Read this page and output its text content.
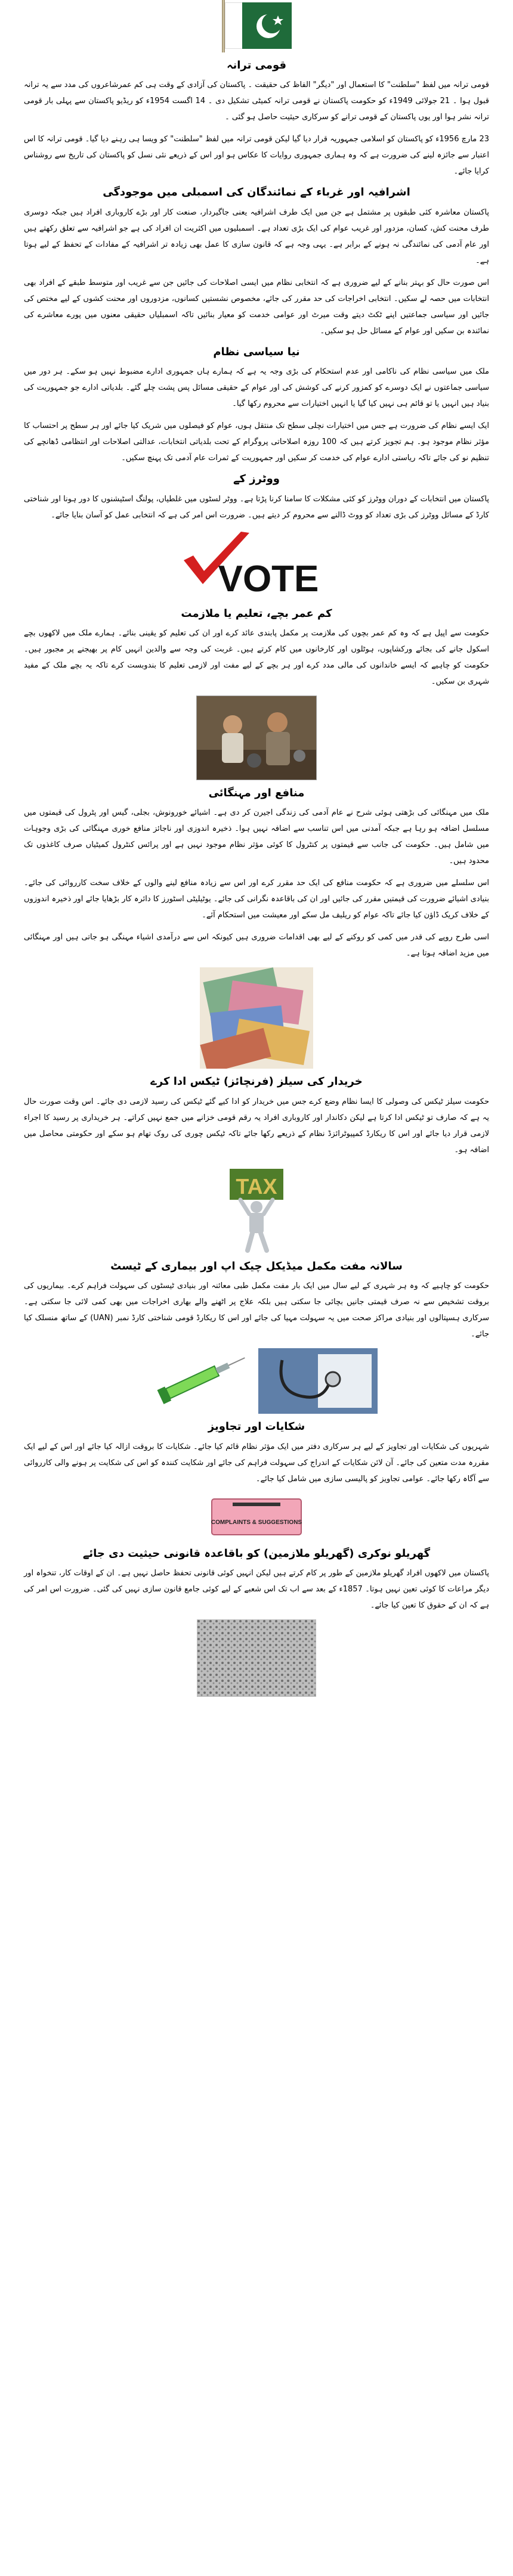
قومی ترانہ

قومی ترانہ میں لفظ "سلطنت" کا استعمال اور "دیگر" الفاظ کی حقیقت ۔ پاکستان کی آزادی کے وقت ہی کم عمرشاعروں کی مدد سے یہ ترانہ قبول ہوا ۔ 21 جولائی 1949ء کو حکومت پاکستان نے قومی ترانہ کمیٹی تشکیل دی ۔ 14 اگست 1954ء کو ریڈیو پاکستان سے پہلی بار قومی ترانہ نشر ہوا اور یوں پاکستان کے قومی ترانے کو سرکاری حیثیت حاصل ہو گئی ۔

23 مارچ 1956ء کو پاکستان کو اسلامی جمہوریہ قرار دیا گیا لیکن قومی ترانہ میں لفظ "سلطنت" کو ویسا ہی رہنے دیا گیا۔ قومی ترانہ کا اس اعتبار سے جائزہ لینے کی ضرورت ہے کہ وہ ہماری جمہوری روایات کا عکاس ہو اور اس کے ذریعے نئی نسل کو پاکستان کی تاریخ سے روشناس کرایا جائے۔

اشرافیہ اور غرباء کے نمائندگان کی اسمبلی میں موجودگی

پاکستان معاشرہ کئی طبقوں پر مشتمل ہے جن میں ایک طرف اشرافیہ یعنی جاگیردار، صنعت کار اور بڑے کاروباری افراد ہیں جبکہ دوسری طرف محنت کش، کسان، مزدور اور غریب عوام کی ایک بڑی تعداد ہے۔ اسمبلیوں میں اکثریت ان افراد کی ہے جو اشرافیہ سے تعلق رکھتے ہیں اور عام آدمی کی نمائندگی نہ ہونے کے برابر ہے۔ یہی وجہ ہے کہ قانون سازی کا عمل بھی زیادہ تر اشرافیہ کے مفادات کے تحفظ کے لیے ہوتا ہے۔

اس صورت حال کو بہتر بنانے کے لیے ضروری ہے کہ انتخابی نظام میں ایسی اصلاحات کی جائیں جن سے غریب اور متوسط طبقے کے افراد بھی انتخابات میں حصہ لے سکیں۔ انتخابی اخراجات کی حد مقرر کی جائے، مخصوص نشستیں کسانوں، مزدوروں اور محنت کشوں کے لیے مختص کی جائیں اور سیاسی جماعتیں اپنے ٹکٹ دیتے وقت میرٹ اور عوامی خدمت کو معیار بنائیں تاکہ اسمبلیاں حقیقی معنوں میں پورے معاشرے کی نمائندہ بن سکیں اور عوام کے مسائل حل ہو سکیں۔

نیا سیاسی نظام

ملک میں سیاسی نظام کی ناکامی اور عدم استحکام کی بڑی وجہ یہ ہے کہ ہمارے ہاں جمہوری ادارے مضبوط نہیں ہو سکے۔ ہر دور میں سیاسی جماعتوں نے ایک دوسرے کو کمزور کرنے کی کوشش کی اور عوام کے حقیقی مسائل پس پشت چلے گئے۔ بلدیاتی ادارے جو جمہوریت کی بنیاد ہیں انہیں یا تو قائم ہی نہیں کیا گیا یا انہیں اختیارات سے محروم رکھا گیا۔

ایک ایسے نظام کی ضرورت ہے جس میں اختیارات نچلی سطح تک منتقل ہوں، عوام کو فیصلوں میں شریک کیا جائے اور ہر سطح پر احتساب کا مؤثر نظام موجود ہو۔ ہم تجویز کرتے ہیں کہ 100 روزہ اصلاحاتی پروگرام کے تحت بلدیاتی انتخابات، عدالتی اصلاحات اور انتظامی ڈھانچے کی تنظیم نو کی جائے تاکہ ریاستی ادارے عوام کی خدمت کر سکیں اور جمہوریت کے ثمرات عام آدمی تک پہنچ سکیں۔

ووٹرز کے

پاکستان میں انتخابات کے دوران ووٹرز کو کئی مشکلات کا سامنا کرنا پڑتا ہے۔ ووٹر لسٹوں میں غلطیاں، پولنگ اسٹیشنوں کا دور ہونا اور شناختی کارڈ کے مسائل ووٹرز کی بڑی تعداد کو ووٹ ڈالنے سے محروم کر دیتے ہیں۔ ضرورت اس امر کی ہے کہ انتخابی عمل کو آسان بنایا جائے۔

VOTE
کم عمر بچے، تعلیم یا ملازمت

حکومت سے اپیل ہے کہ وہ کم عمر بچوں کی ملازمت پر مکمل پابندی عائد کرے اور ان کی تعلیم کو یقینی بنائے۔ ہمارے ملک میں لاکھوں بچے اسکول جانے کی بجائے ورکشاپوں، ہوٹلوں اور کارخانوں میں کام کرتے ہیں۔ غربت کی وجہ سے والدین انہیں کام پر بھیجنے پر مجبور ہیں۔ حکومت کو چاہیے کہ ایسے خاندانوں کی مالی مدد کرے اور ہر بچے کے لیے مفت اور لازمی تعلیم کا بندوبست کرے تاکہ یہ بچے ملک کے مفید شہری بن سکیں۔

منافع اور مہنگائی

ملک میں مہنگائی کی بڑھتی ہوئی شرح نے عام آدمی کی زندگی اجیرن کر دی ہے۔ اشیائے خورونوش، بجلی، گیس اور پٹرول کی قیمتوں میں مسلسل اضافہ ہو رہا ہے جبکہ آمدنی میں اس تناسب سے اضافہ نہیں ہوا۔ ذخیرہ اندوزی اور ناجائز منافع خوری مہنگائی کی بڑی وجوہات میں شامل ہیں۔ حکومت کی جانب سے قیمتوں پر کنٹرول کا کوئی مؤثر نظام موجود نہیں ہے اور پرائس کنٹرول کمیٹیاں صرف کاغذوں تک محدود ہیں۔

اس سلسلے میں ضروری ہے کہ حکومت منافع کی ایک حد مقرر کرے اور اس سے زیادہ منافع لینے والوں کے خلاف سخت کارروائی کی جائے۔ بنیادی اشیائے ضرورت کی قیمتیں مقرر کی جائیں اور ان کی باقاعدہ نگرانی کی جائے۔ یوٹیلیٹی اسٹورز کا دائرہ کار بڑھایا جائے اور ذخیرہ اندوزوں کے خلاف کریک ڈاؤن کیا جائے تاکہ عوام کو ریلیف مل سکے اور معیشت میں استحکام آئے۔

اسی طرح روپے کی قدر میں کمی کو روکنے کے لیے بھی اقدامات ضروری ہیں کیونکہ اس سے درآمدی اشیاء مہنگی ہو جاتی ہیں اور مہنگائی میں مزید اضافہ ہوتا ہے۔

خریدار کی سیلز (فرنچائز) ٹیکس ادا کرے

حکومت سیلز ٹیکس کی وصولی کا ایسا نظام وضع کرے جس میں خریدار کو ادا کیے گئے ٹیکس کی رسید لازمی دی جائے۔ اس وقت صورت حال یہ ہے کہ صارف تو ٹیکس ادا کرتا ہے لیکن دکاندار اور کاروباری افراد یہ رقم قومی خزانے میں جمع نہیں کراتے۔ ہر خریداری پر رسید کا اجراء لازمی قرار دیا جائے اور اس کا ریکارڈ کمپیوٹرائزڈ نظام کے ذریعے رکھا جائے تاکہ ٹیکس چوری کی روک تھام ہو سکے اور حکومتی محاصل میں اضافہ ہو۔

TAX
سالانہ مفت مکمل میڈیکل چیک اپ اور بیماری کے ٹیسٹ

حکومت کو چاہیے کہ وہ ہر شہری کے لیے سال میں ایک بار مفت مکمل طبی معائنہ اور بنیادی ٹیسٹوں کی سہولت فراہم کرے۔ بیماریوں کی بروقت تشخیص سے نہ صرف قیمتی جانیں بچائی جا سکتی ہیں بلکہ علاج پر اٹھنے والے بھاری اخراجات میں بھی کمی لائی جا سکتی ہے۔ سرکاری ہسپتالوں اور بنیادی مراکز صحت میں یہ سہولت مہیا کی جائے اور اس کا ریکارڈ قومی شناختی کارڈ نمبر (UAN) کے ساتھ منسلک کیا جائے۔

شکایات اور تجاویز

شہریوں کی شکایات اور تجاویز کے لیے ہر سرکاری دفتر میں ایک مؤثر نظام قائم کیا جائے۔ شکایات کا بروقت ازالہ کیا جائے اور اس کے لیے ایک مقررہ مدت متعین کی جائے۔ آن لائن شکایات کے اندراج کی سہولت فراہم کی جائے اور شکایت کنندہ کو اس کی شکایت پر ہونے والی کارروائی سے آگاہ رکھا جائے۔ عوامی تجاویز کو پالیسی سازی میں شامل کیا جائے۔

COMPLAINTS & SUGGESTIONS
گھریلو نوکری (گھریلو ملازمین) کو باقاعدہ قانونی حیثیت دی جائے

پاکستان میں لاکھوں افراد گھریلو ملازمین کے طور پر کام کرتے ہیں لیکن انہیں کوئی قانونی تحفظ حاصل نہیں ہے۔ ان کے اوقات کار، تنخواہ اور دیگر مراعات کا کوئی تعین نہیں ہوتا۔ 1857ء کے بعد سے اب تک اس شعبے کے لیے کوئی جامع قانون سازی نہیں کی گئی۔ ضرورت اس امر کی ہے کہ ان کے حقوق کا تعین کیا جائے۔
